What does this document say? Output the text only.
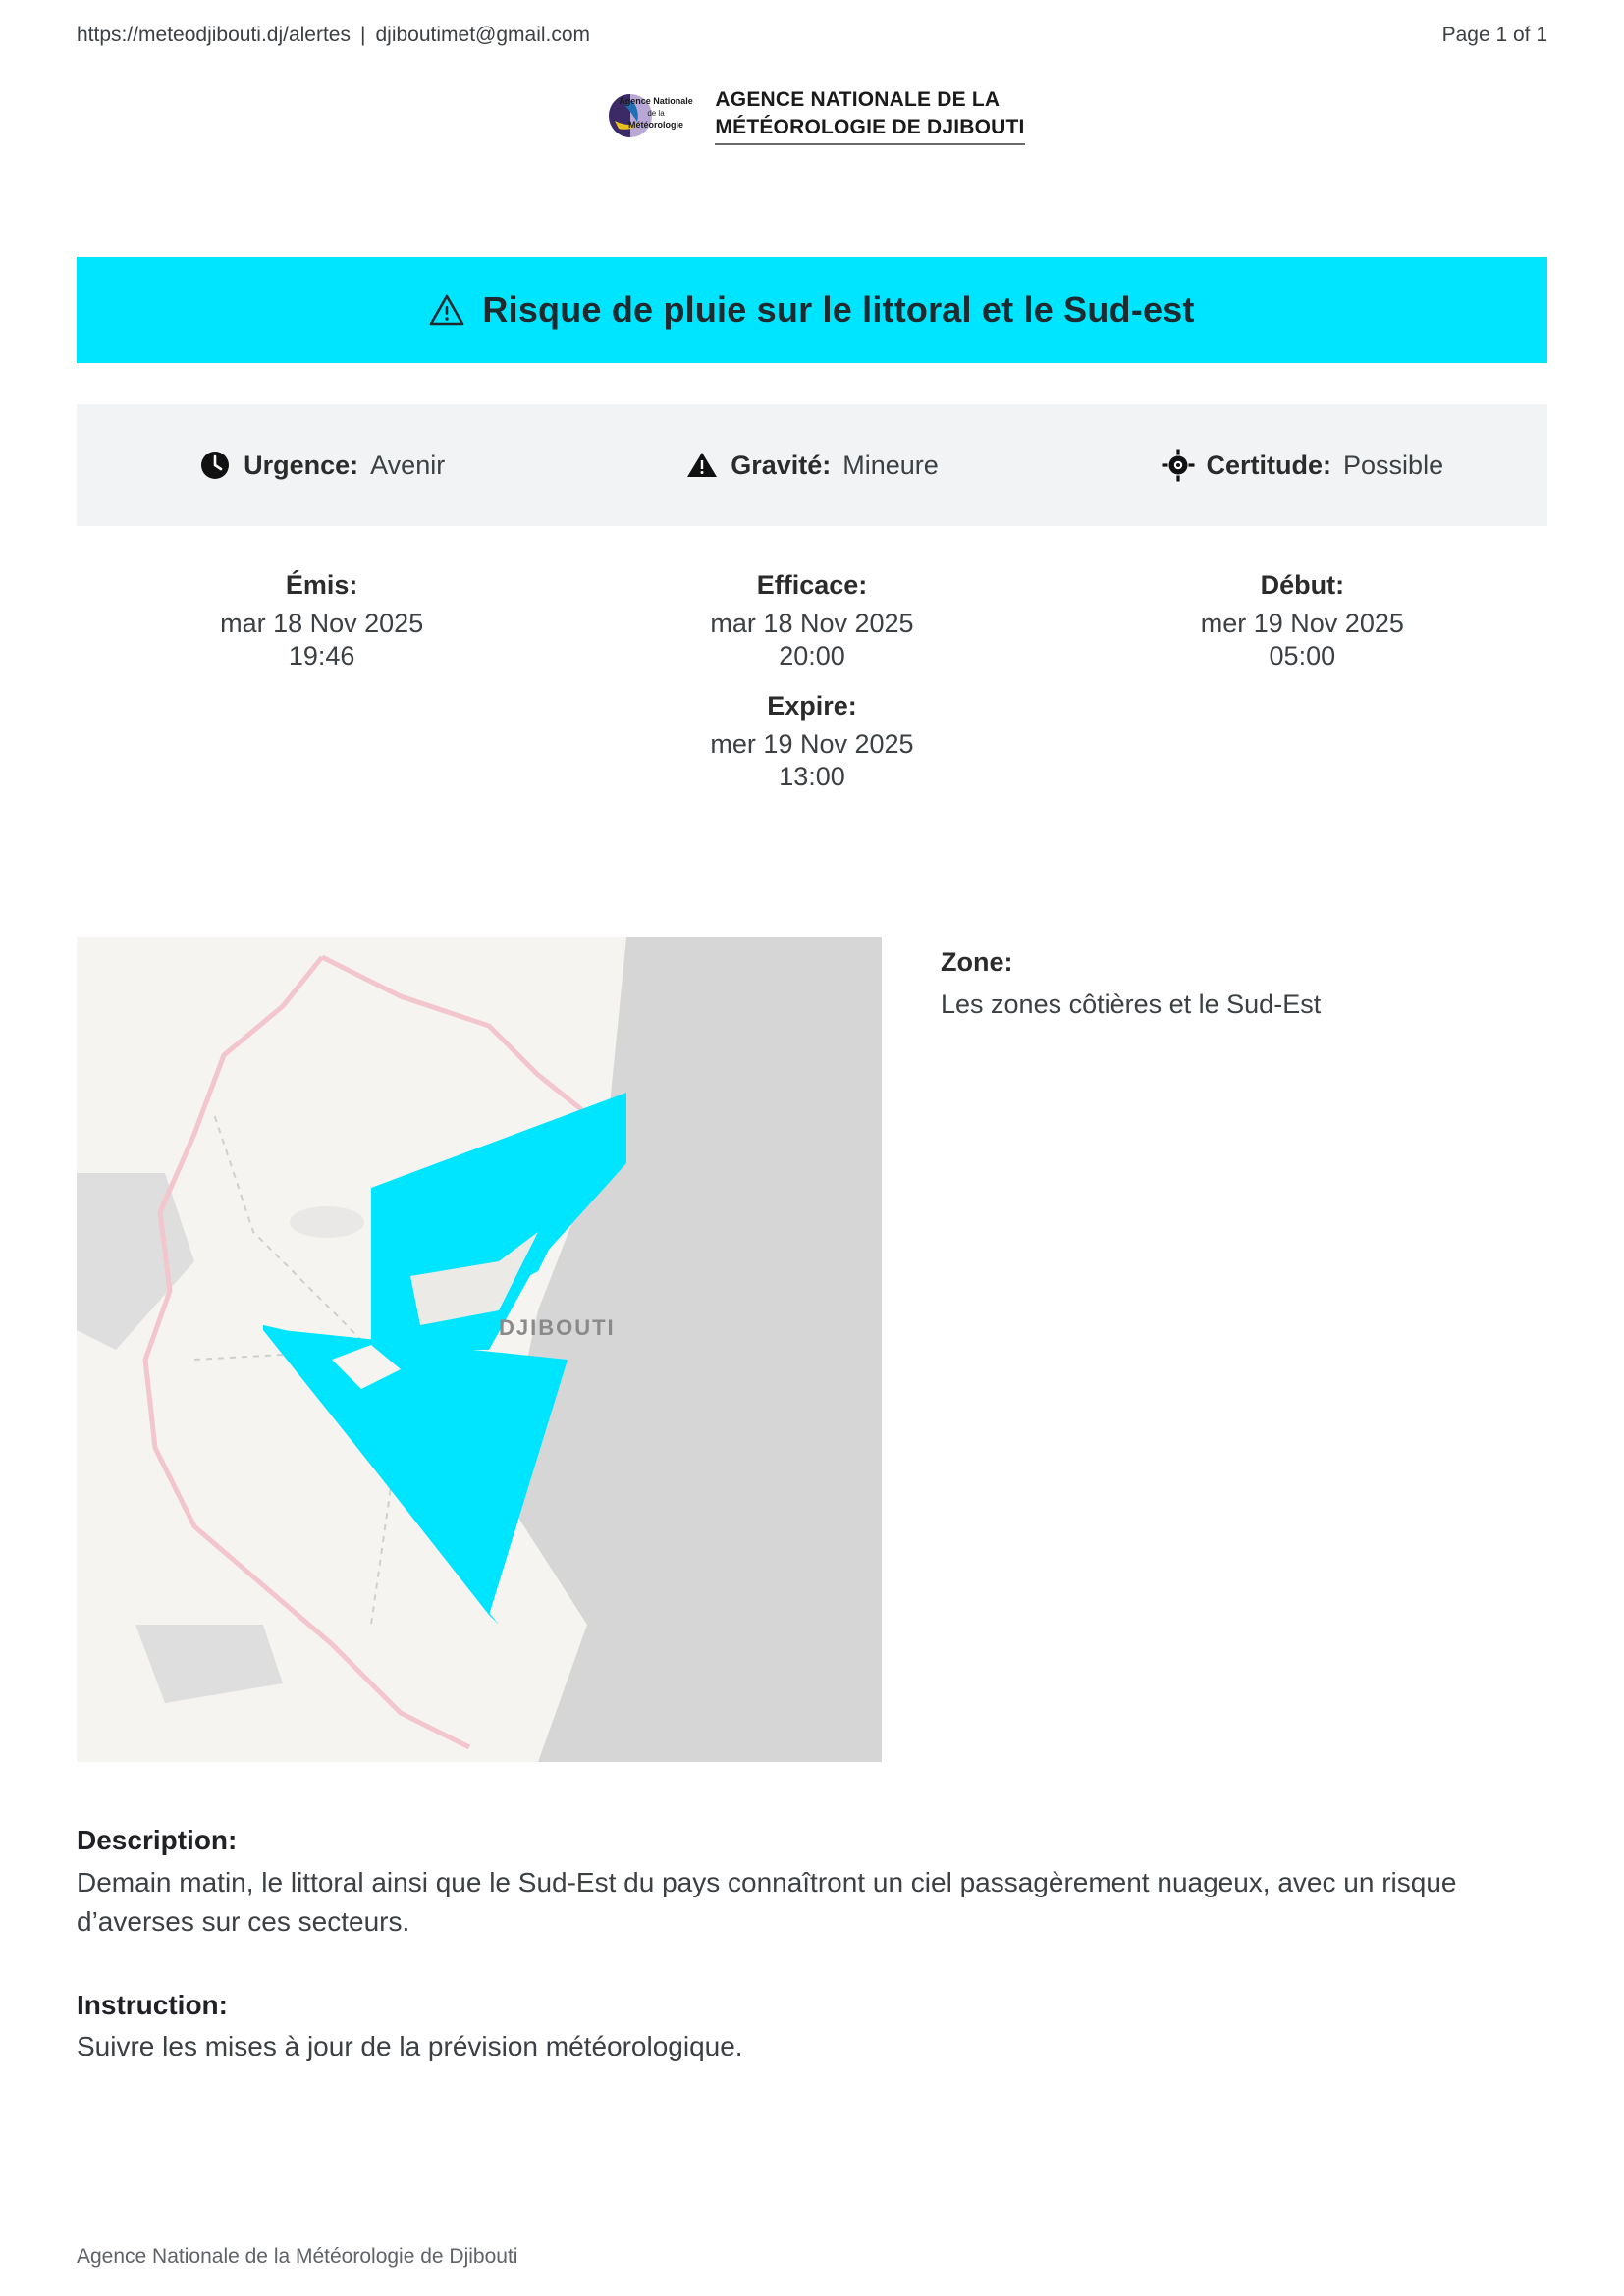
https://meteodjibouti.dj/alertes | djiboutimet@gmail.com	Page 1 of 1
Agence Nationale
de la
Météorologie
AGENCE NATIONALE DE LA
MÉTÉOROLOGIE DE DJIBOUTI
Risque de pluie sur le littoral et le Sud-est
Urgence: Avenir	Gravité: Mineure	Certitude: Possible
Émis:
mar 18 Nov 2025
19:46
Efficace:
mar 18 Nov 2025
20:00
Expire:
mer 19 Nov 2025
13:00
Début:
mer 19 Nov 2025
05:00
DJIBOUTI
Zone:
Les zones côtières et le Sud-Est
Description:
Demain matin, le littoral ainsi que le Sud-Est du pays connaîtront un ciel passagèrement nuageux, avec un risque d’averses sur ces secteurs.
Instruction:
Suivre les mises à jour de la prévision météorologique.
Agence Nationale de la Météorologie de Djibouti
